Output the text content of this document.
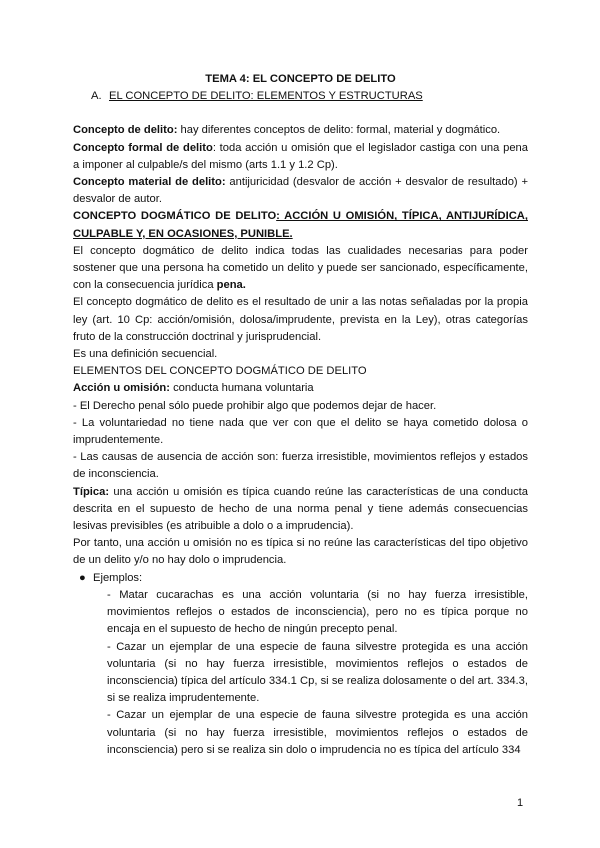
TEMA 4: EL CONCEPTO DE DELITO

A. EL CONCEPTO DE DELITO: ELEMENTOS Y ESTRUCTURAS

Concepto de delito: hay diferentes conceptos de delito: formal, material y dogmático.

Concepto formal de delito: toda acción u omisión que el legislador castiga con una pena a imponer al culpable/s del mismo (arts 1.1 y 1.2 Cp).

Concepto material de delito: antijuricidad (desvalor de acción + desvalor de resultado) + desvalor de autor.

CONCEPTO DOGMÁTICO DE DELITO: ACCIÓN U OMISIÓN, TÍPICA, ANTIJURÍDICA, CULPABLE Y, EN OCASIONES, PUNIBLE.

El concepto dogmático de delito indica todas las cualidades necesarias para poder sostener que una persona ha cometido un delito y puede ser sancionado, específicamente, con la consecuencia jurídica pena.

El concepto dogmático de delito es el resultado de unir a las notas señaladas por la propia ley (art. 10 Cp: acción/omisión, dolosa/imprudente, prevista en la Ley), otras categorías fruto de la construcción doctrinal y jurisprudencial.

Es una definición secuencial.

ELEMENTOS DEL CONCEPTO DOGMÁTICO DE DELITO

Acción u omisión: conducta humana voluntaria

- El Derecho penal sólo puede prohibir algo que podemos dejar de hacer.

- La voluntariedad no tiene nada que ver con que el delito se haya cometido dolosa o imprudentemente.

- Las causas de ausencia de acción son: fuerza irresistible, movimientos reflejos y estados de inconsciencia.

Típica: una acción u omisión es típica cuando reúne las características de una conducta descrita en el supuesto de hecho de una norma penal y tiene además consecuencias lesivas previsibles (es atribuible a dolo o a imprudencia).

Por tanto, una acción u omisión no es típica si no reúne las características del tipo objetivo de un delito y/o no hay dolo o imprudencia.

● Ejemplos:

- Matar cucarachas es una acción voluntaria (si no hay fuerza irresistible, movimientos reflejos o estados de inconsciencia), pero no es típica porque no encaja en el supuesto de hecho de ningún precepto penal.

- Cazar un ejemplar de una especie de fauna silvestre protegida es una acción voluntaria (si no hay fuerza irresistible, movimientos reflejos o estados de inconsciencia) típica del artículo 334.1 Cp, si se realiza dolosamente o del art. 334.3, si se realiza imprudentemente.

- Cazar un ejemplar de una especie de fauna silvestre protegida es una acción voluntaria (si no hay fuerza irresistible, movimientos reflejos o estados de inconsciencia) pero si se realiza sin dolo o imprudencia no es típica del artículo 334

1
